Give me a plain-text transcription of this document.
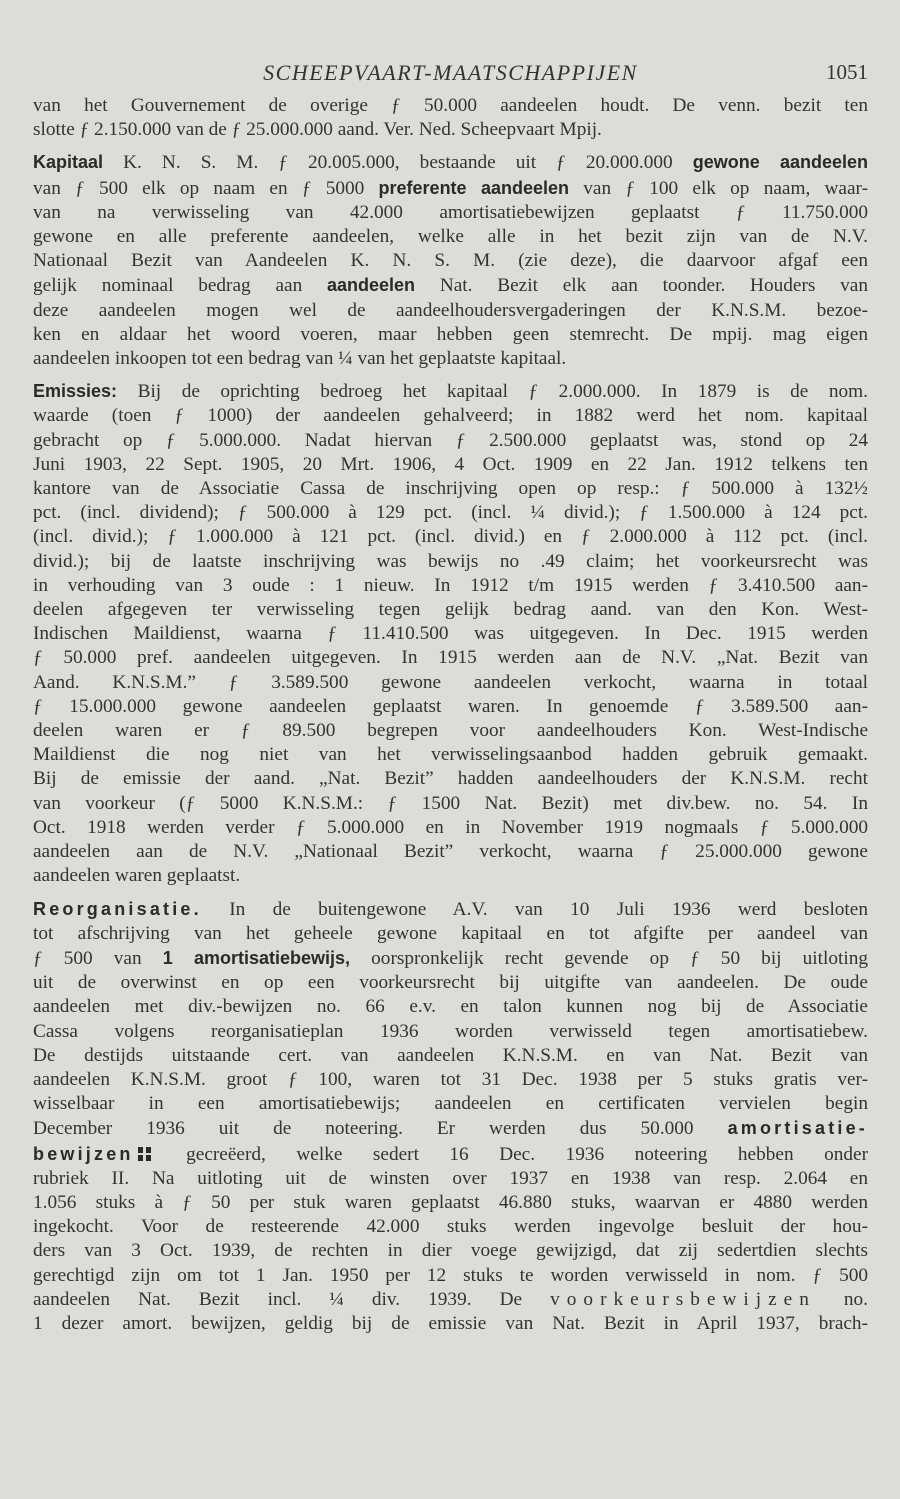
SCHEEPVAART-MAATSCHAPPIJEN	1051

van het Gouvernement de overige ƒ 50.000 aandeelen houdt. De venn. bezit ten
slotte ƒ 2.150.000 van de ƒ 25.000.000 aand. Ver. Ned. Scheepvaart Mpij.

Kapitaal K. N. S. M. ƒ 20.005.000, bestaande uit ƒ 20.000.000 gewone aandeelen
van ƒ 500 elk op naam en ƒ 5000 preferente aandeelen van ƒ 100 elk op naam, waar-
van na verwisseling van 42.000 amortisatiebewijzen geplaatst ƒ 11.750.000
gewone en alle preferente aandeelen, welke alle in het bezit zijn van de N.V.
Nationaal Bezit van Aandeelen K. N. S. M. (zie deze), die daarvoor afgaf een
gelijk nominaal bedrag aan aandeelen Nat. Bezit elk aan toonder. Houders van
deze aandeelen mogen wel de aandeelhoudersvergaderingen der K.N.S.M. bezoe-
ken en aldaar het woord voeren, maar hebben geen stemrecht. De mpij. mag eigen
aandeelen inkoopen tot een bedrag van ¼ van het geplaatste kapitaal.

Emissies: Bij de oprichting bedroeg het kapitaal ƒ 2.000.000. In 1879 is de nom.
waarde (toen ƒ 1000) der aandeelen gehalveerd; in 1882 werd het nom. kapitaal
gebracht op ƒ 5.000.000. Nadat hiervan ƒ 2.500.000 geplaatst was, stond op 24
Juni 1903, 22 Sept. 1905, 20 Mrt. 1906, 4 Oct. 1909 en 22 Jan. 1912 telkens ten
kantore van de Associatie Cassa de inschrijving open op resp.: ƒ 500.000 à 132½
pct. (incl. dividend); ƒ 500.000 à 129 pct. (incl. ¼ divid.); ƒ 1.500.000 à 124 pct.
(incl. divid.); ƒ 1.000.000 à 121 pct. (incl. divid.) en ƒ 2.000.000 à 112 pct. (incl.
divid.); bij de laatste inschrijving was bewijs no .49 claim; het voorkeursrecht was
in verhouding van 3 oude : 1 nieuw. In 1912 t/m 1915 werden ƒ 3.410.500 aan-
deelen afgegeven ter verwisseling tegen gelijk bedrag aand. van den Kon. West-
Indischen Maildienst, waarna ƒ 11.410.500 was uitgegeven. In Dec. 1915 werden
ƒ 50.000 pref. aandeelen uitgegeven. In 1915 werden aan de N.V. „Nat. Bezit van
Aand. K.N.S.M.” ƒ 3.589.500 gewone aandeelen verkocht, waarna in totaal
ƒ 15.000.000 gewone aandeelen geplaatst waren. In genoemde ƒ 3.589.500 aan-
deelen waren er ƒ 89.500 begrepen voor aandeelhouders Kon. West-Indische
Maildienst die nog niet van het verwisselingsaanbod hadden gebruik gemaakt.
Bij de emissie der aand. „Nat. Bezit” hadden aandeelhouders der K.N.S.M. recht
van voorkeur (ƒ 5000 K.N.S.M.: ƒ 1500 Nat. Bezit) met div.bew. no. 54. In
Oct. 1918 werden verder ƒ 5.000.000 en in November 1919 nogmaals ƒ 5.000.000
aandeelen aan de N.V. „Nationaal Bezit” verkocht, waarna ƒ 25.000.000 gewone
aandeelen waren geplaatst.

Reorganisatie. In de buitengewone A.V. van 10 Juli 1936 werd besloten
tot afschrijving van het geheele gewone kapitaal en tot afgifte per aandeel van
ƒ 500 van 1 amortisatiebewijs, oorspronkelijk recht gevende op ƒ 50 bij uitloting
uit de overwinst en op een voorkeursrecht bij uitgifte van aandeelen. De oude
aandeelen met div.-bewijzen no. 66 e.v. en talon kunnen nog bij de Associatie
Cassa volgens reorganisatieplan 1936 worden verwisseld tegen amortisatiebew.
De destijds uitstaande cert. van aandeelen K.N.S.M. en van Nat. Bezit van
aandeelen K.N.S.M. groot ƒ 100, waren tot 31 Dec. 1938 per 5 stuks gratis ver-
wisselbaar in een amortisatiebewijs; aandeelen en certificaten vervielen begin
December 1936 uit de noteering. Er werden dus 50.000 amortisatie-
bewijzen
gecreëerd, welke sedert 16 Dec. 1936 noteering hebben onder
rubriek II. Na uitloting uit de winsten over 1937 en 1938 van resp. 2.064 en
1.056 stuks à ƒ 50 per stuk waren geplaatst 46.880 stuks, waarvan er 4880 werden
ingekocht. Voor de resteerende 42.000 stuks werden ingevolge besluit der hou-
ders van 3 Oct. 1939, de rechten in dier voege gewijzigd, dat zij sedertdien slechts
gerechtigd zijn om tot 1 Jan. 1950 per 12 stuks te worden verwisseld in nom. ƒ 500
aandeelen Nat. Bezit incl. ¼ div. 1939. De voorkeursbewijzen no.
1 dezer amort. bewijzen, geldig bij de emissie van Nat. Bezit in April 1937, brach-
